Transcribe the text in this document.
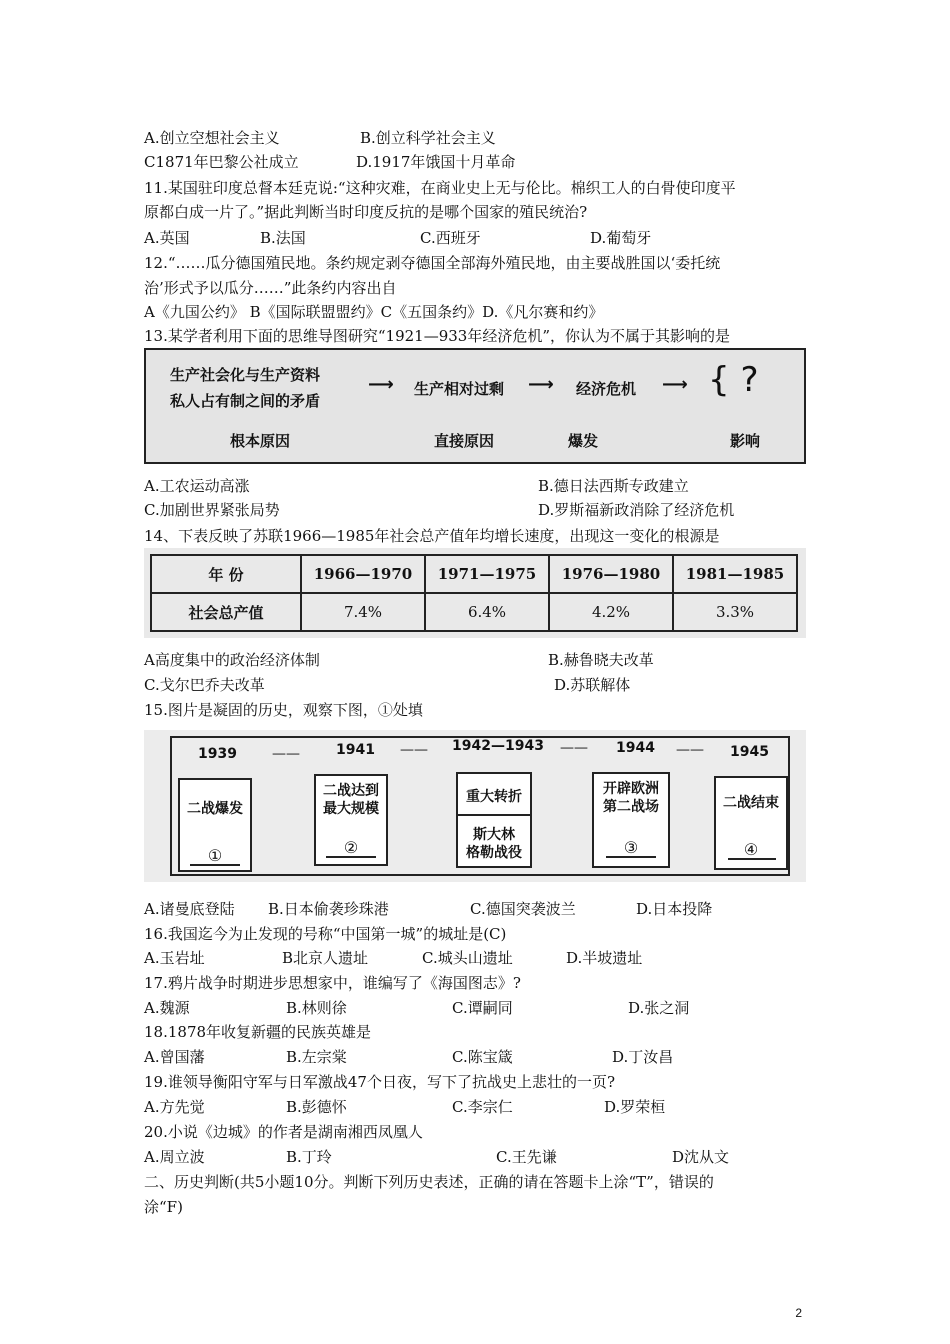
C1871年巴黎公社成立
11.某国驻印度总督本廷克说:“这种灾难，在商业史上无与伦比。棉织工人的白骨使印度平
原都白成一片了。”据此判断当时印度反抗的是哪个国家的殖民统治?
12.“……瓜分德国殖民地。条约规定剥夺德国全部海外殖民地，由主要战胜国以‘委托统
治’形式予以瓜分……”此条约内容出自
A《九国公约》 B《国际联盟盟约》C《五国条约》D.《凡尔赛和约》
13.某学者利用下面的思维导图研究“1921—933年经济危机”，你认为不属于其影响的是
14、下表反映了苏联1966—1985年社会总产值年均增长速度，出现这一变化的根源是
15.图片是凝固的历史，观察下图，①处填
16.我国迄今为止发现的号称“中国第一城”的城址是(C)
17.鸦片战争时期进步思想家中，谁编写了《海国图志》?
18.1878年收复新疆的民族英雄是
19.谁领导衡阳守军与日军激战47个日夜，写下了抗战史上悲壮的一页?
20.小说《边城》的作者是湖南湘西凤凰人
二、历史判断(共5小题10分。判断下列历史表述，正确的请在答题卡上涂“T”，错误的
涂“F)
A.创立空想社会主义	B.创立科学社会主义
D.1917年饿国十月革命
A.英国	B.法国	C.西班牙	D.葡萄牙
A.工农运动高涨	B.德日法西斯专政建立
C.加剧世界紧张局势	D.罗斯福新政消除了经济危机
A高度集中的政治经济体制	B.赫鲁晓夫改革
C.戈尔巴乔夫改革	D.苏联解体
A.诸曼底登陆 B.日本偷袭珍珠港	C.德国突袭波兰	D.日本投降
A.玉岩址	B北京人遗址	C.城头山遗址	D.半坡遗址
A.魏源	B.林则徐	C.谭嗣同	D.张之洞
A.曾国藩	B.左宗棠	C.陈宝箴	D.丁汝昌
A.方先觉	B.彭德怀	C.李宗仁	D.罗荣桓
A.周立波	B.丁玲	C.王先谦	D沈从文
生产社会化与生产资料
私人占有制之间的矛盾
⟶ 生产相对过剩 ⟶ 经济危机 ⟶ { ?
根本原因	直接原因	爆发	影响
年 份	1966—1970	1971—1975	1976—1980	1981—1985
社会总产值	7.4%	6.4%	4.2%	3.3%
1939	——	1941 —— 1942—1943 —— 1944 —— 1945
二战爆发
①
二战达到
最大规模
②
重大转折
斯大林
格勒战役
开辟欧洲
第二战场
③
二战结束
④
2
